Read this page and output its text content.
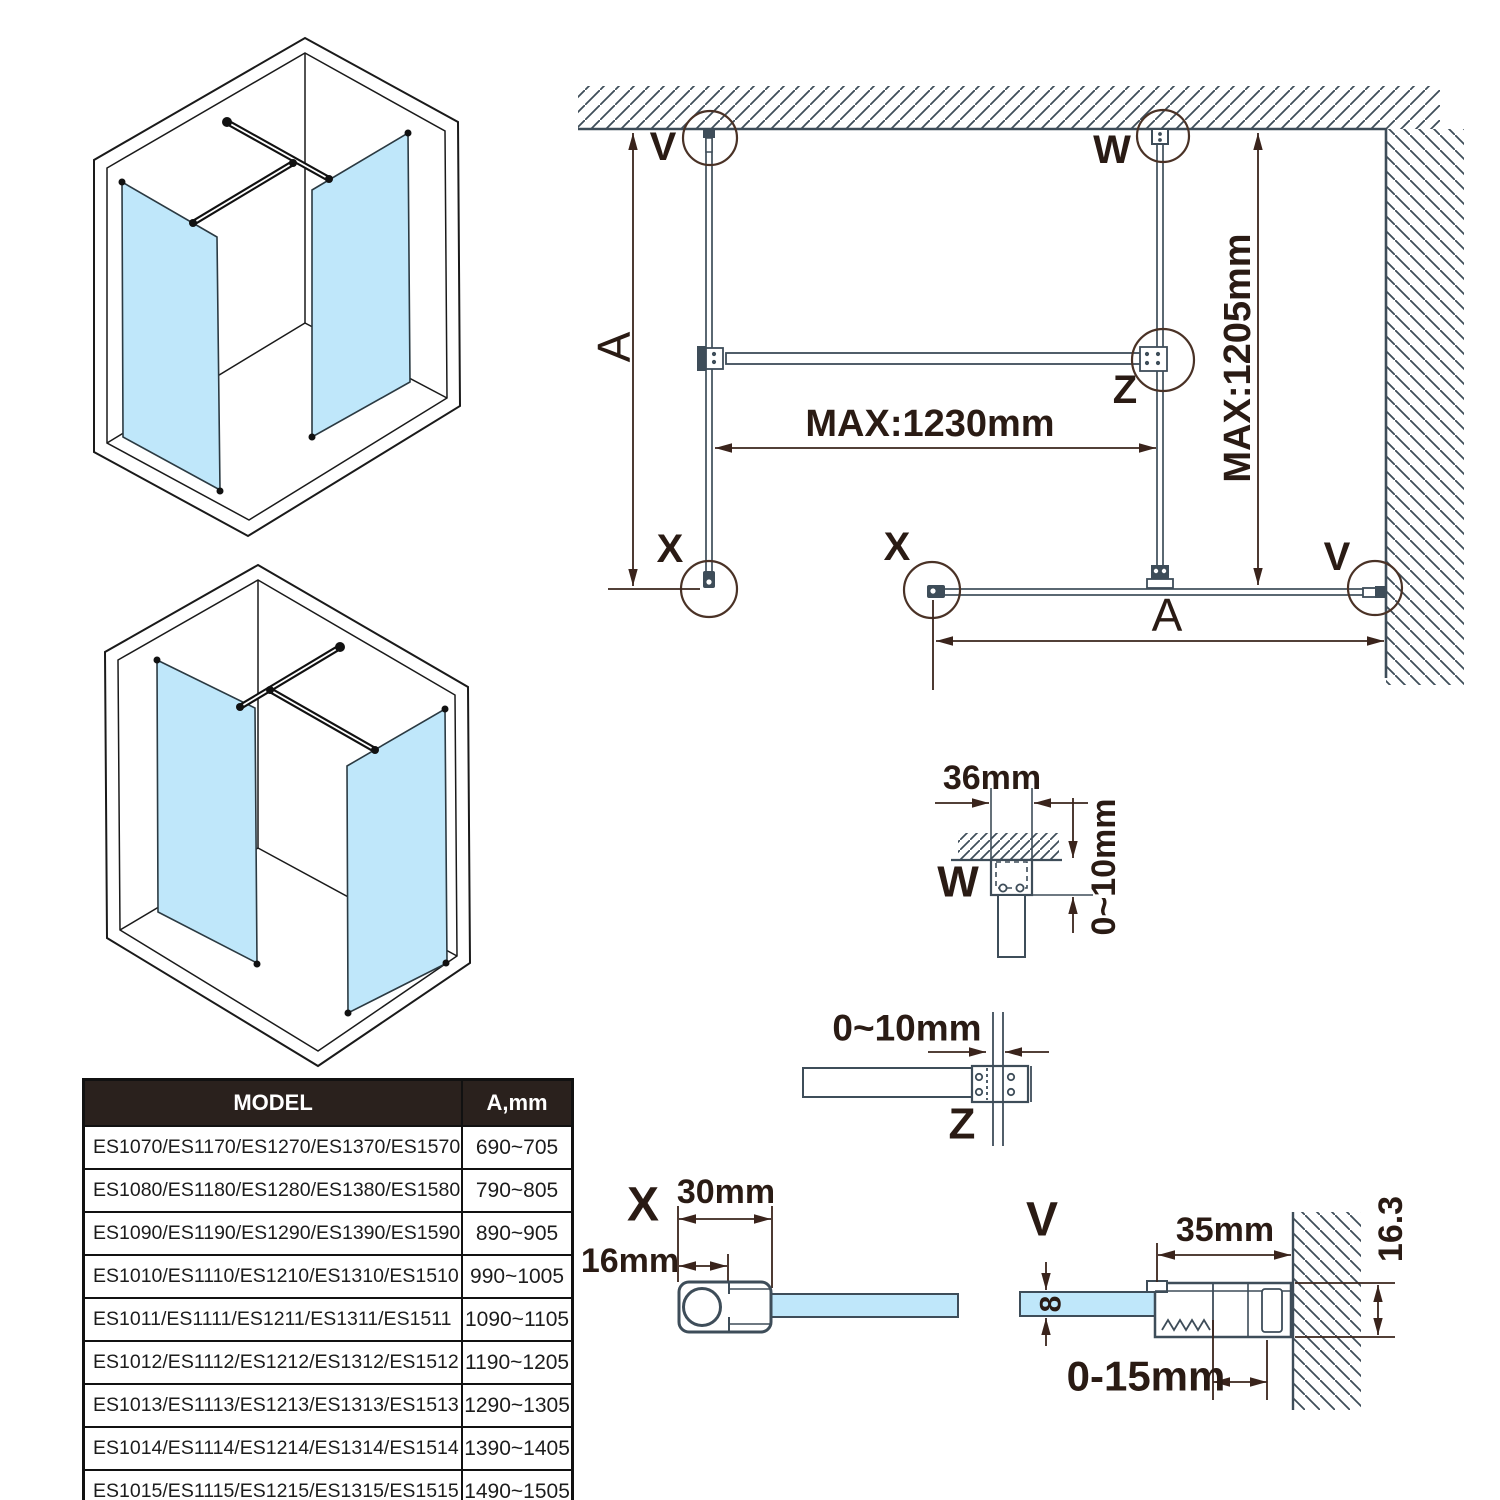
V	W
Z
X	X	V
A
A
MAX:1230mm	MAX:1205mm
36mm
W	0~10mm
0~10mm
Z
X 30mm
16mm
V	35mm
8
0-15mm
16.3
MODEL	A,mm
ES1070/ES1170/ES1270/ES1370/ES1570	690~705
ES1080/ES1180/ES1280/ES1380/ES1580	790~805
ES1090/ES1190/ES1290/ES1390/ES1590	890~905
ES1010/ES1110/ES1210/ES1310/ES1510	990~1005
ES1011/ES1111/ES1211/ES1311/ES1511	1090~1105
ES1012/ES1112/ES1212/ES1312/ES1512	1190~1205
ES1013/ES1113/ES1213/ES1313/ES1513	1290~1305
ES1014/ES1114/ES1214/ES1314/ES1514	1390~1405
ES1015/ES1115/ES1215/ES1315/ES1515	1490~1505
